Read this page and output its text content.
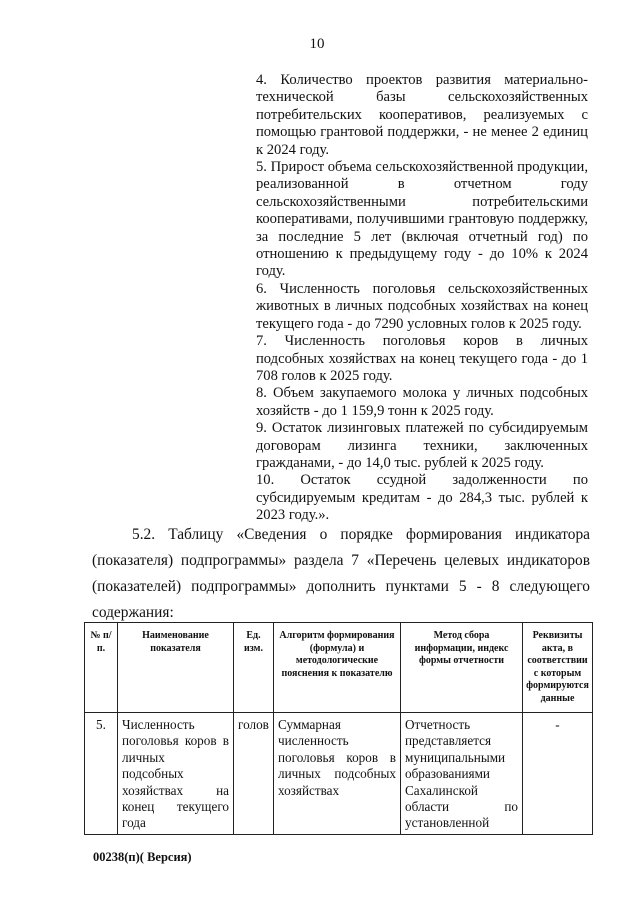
10

4. Количество проектов развития материально-технической базы сельскохозяйственных потребительских кооперативов, реализуемых с помощью грантовой поддержки, - не менее 2 единиц к 2024 году.

5. Прирост объема сельскохозяйственной продукции, реализованной в отчетном году сельскохозяйственными потребительскими кооперативами, получившими грантовую поддержку, за последние 5 лет (включая отчетный год) по отношению к предыдущему году - до 10% к 2024 году.

6. Численность поголовья сельскохозяйственных животных в личных подсобных хозяйствах на конец текущего года - до 7290 условных голов к 2025 году.

7. Численность поголовья коров в личных подсобных хозяйствах на конец текущего года - до 1 708 голов к 2025 году.

8. Объем закупаемого молока у личных подсобных хозяйств - до 1 159,9 тонн к 2025 году.

9. Остаток лизинговых платежей по субсидируемым договорам лизинга техники, заключенных гражданами, - до 14,0 тыс. рублей к 2025 году.

10. Остаток ссудной задолженности по субсидируемым кредитам - до 284,3 тыс. рублей к 2023 году.».

5.2. Таблицу «Сведения о порядке формирования индикатора (показателя) подпрограммы» раздела 7 «Перечень целевых индикаторов (показателей) подпрограммы» дополнить пунктами 5 - 8 следующего содержания:

№ п/п.	Наименование показателя	Ед. изм.	Алгоритм формирования (формула) и методологические пояснения к показателю	Метод сбора информации, индекс формы отчетности	Реквизиты акта, в соответствии с которым формируются данные
5.	Численность поголовья коров в личных подсобных хозяйствах на конец текущего года	голов	Суммарная численность поголовья коров в личных подсобных хозяйствах	Отчетность представляется муниципальными образованиями Сахалинской области по установленной	-
00238(п)( Версия)
